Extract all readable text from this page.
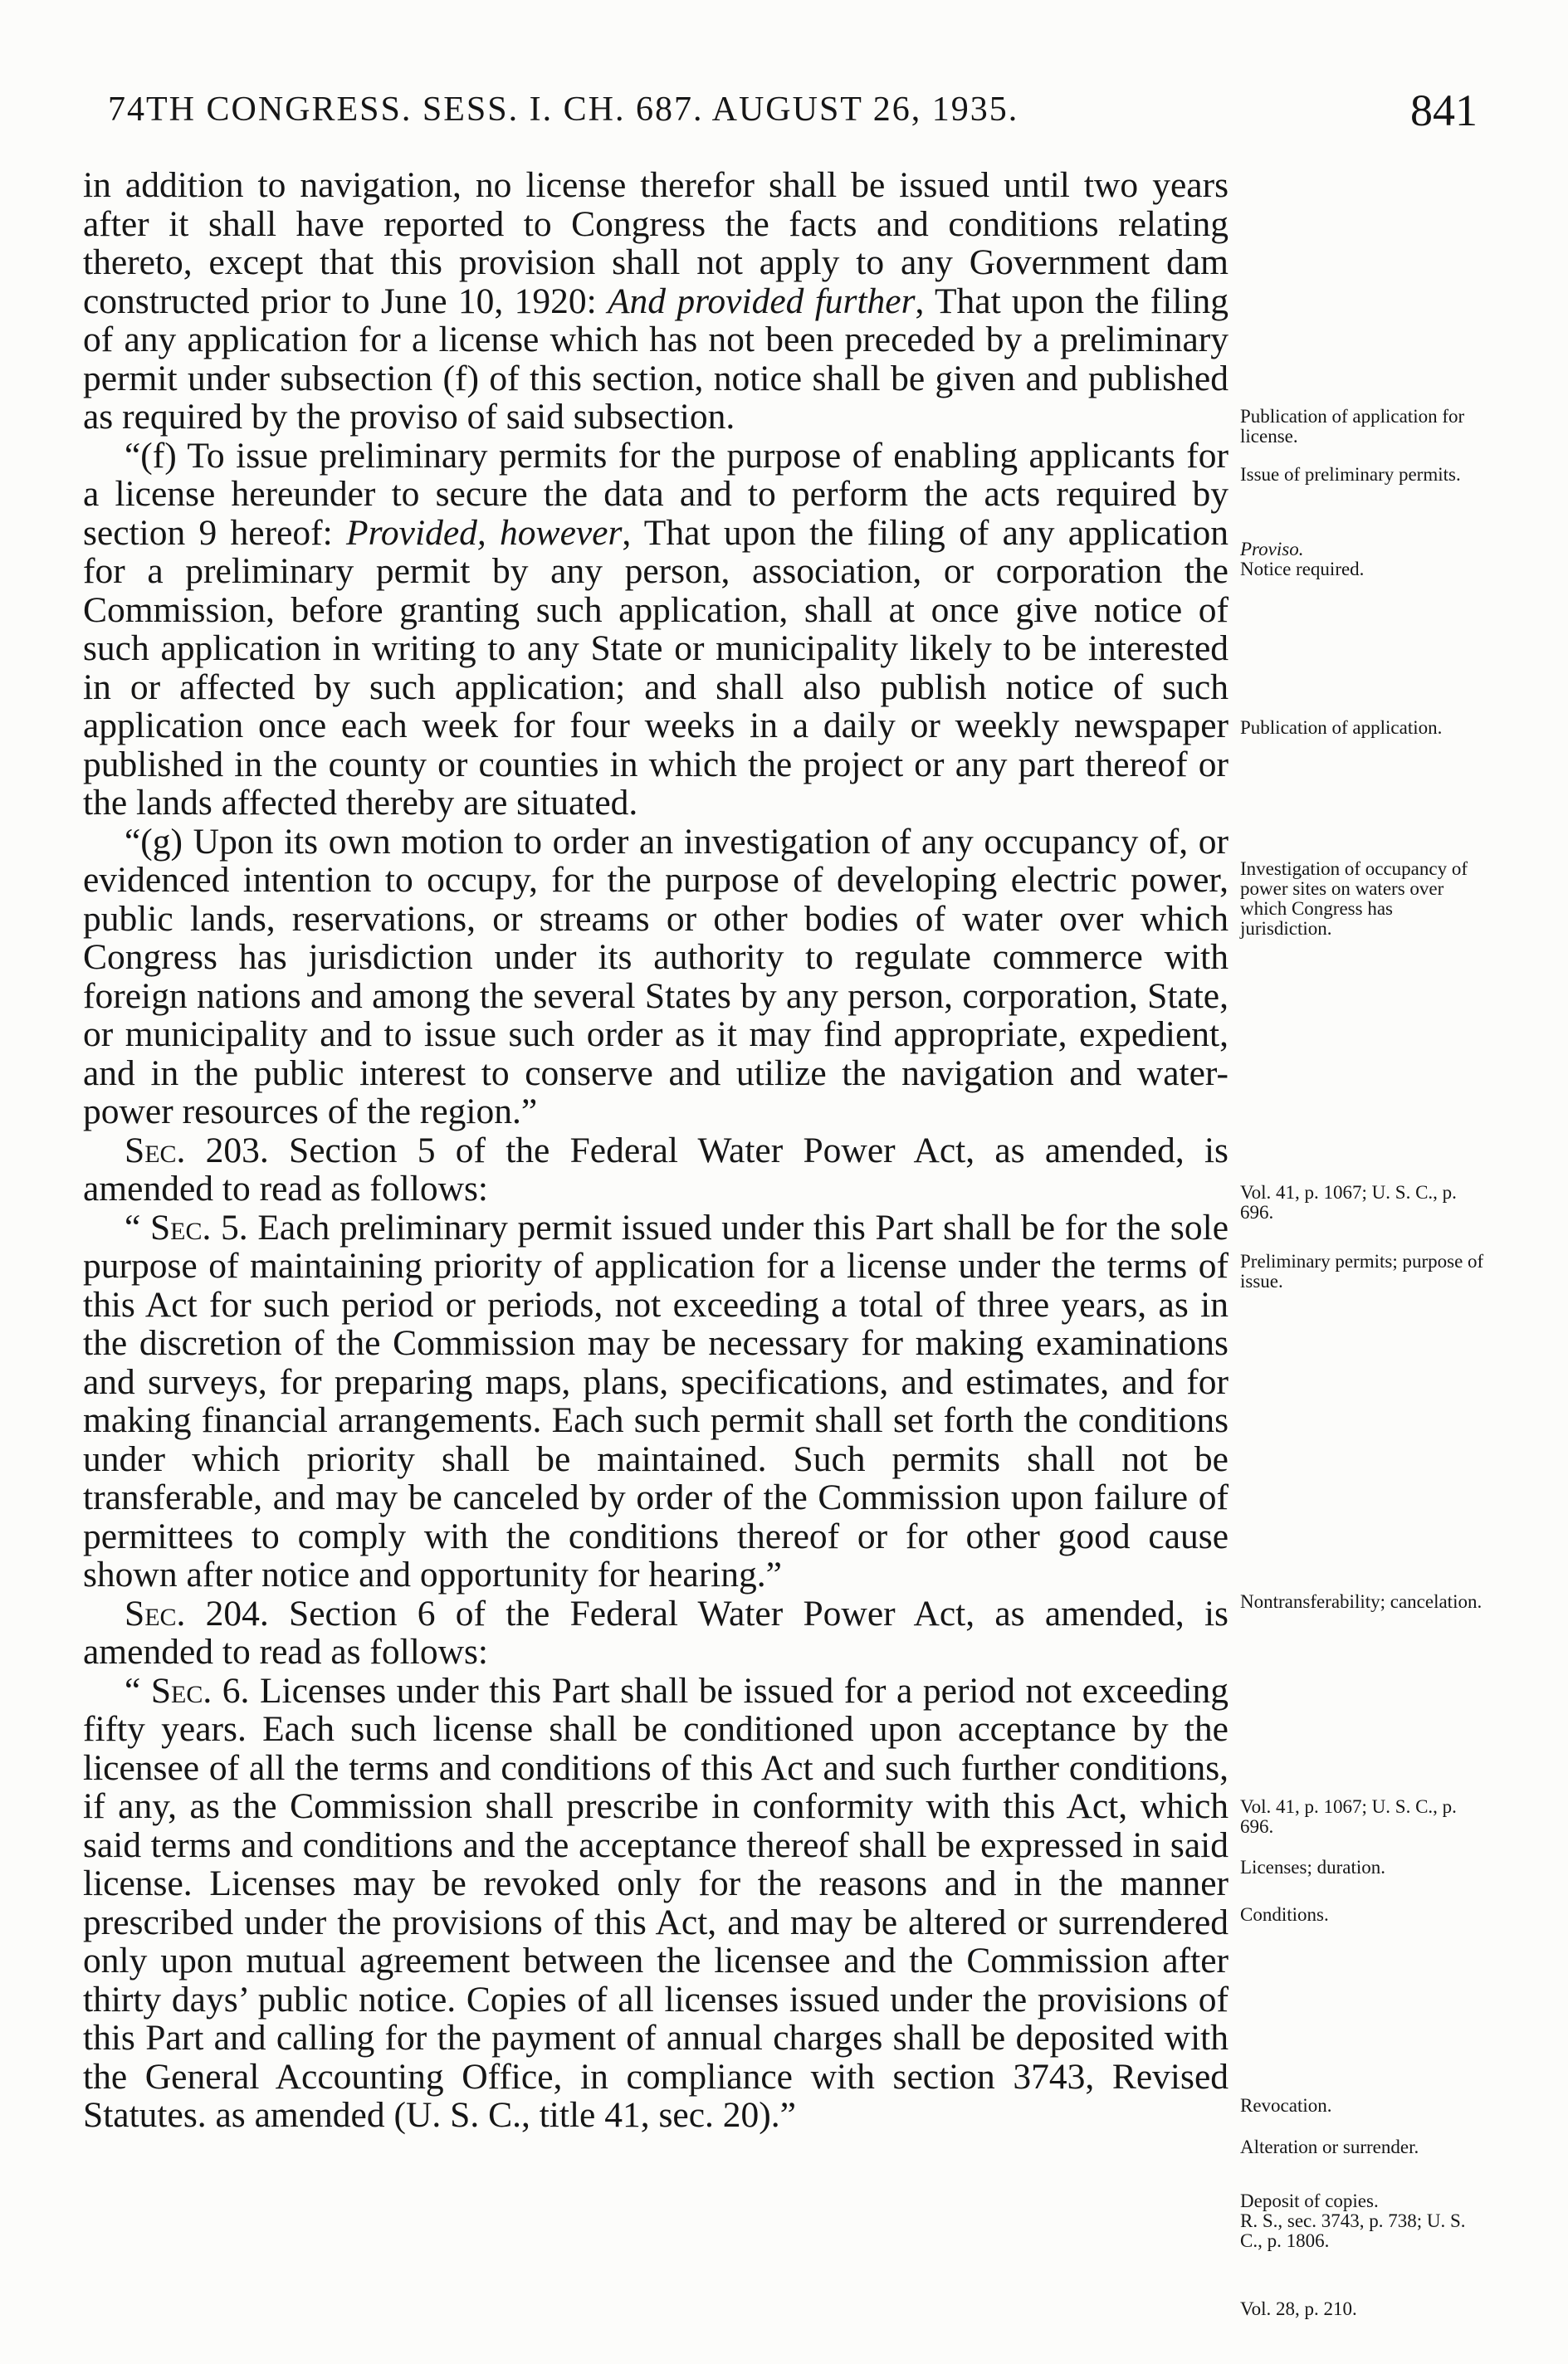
74TH CONGRESS. SESS. I. CH. 687. AUGUST 26, 1935.	841

in addition to navigation, no license therefor shall be issued until two years after it shall have reported to Congress the facts and conditions relating thereto, except that this provision shall not apply to any Government dam constructed prior to June 10, 1920: And provided further, That upon the filing of any application for a license which has not been preceded by a preliminary permit under subsection (f) of this section, notice shall be given and published as required by the proviso of said subsection.

“(f) To issue preliminary permits for the purpose of enabling applicants for a license hereunder to secure the data and to perform the acts required by section 9 hereof: Provided, however, That upon the filing of any application for a preliminary permit by any person, association, or corporation the Commission, before granting such application, shall at once give notice of such application in writing to any State or municipality likely to be interested in or affected by such application; and shall also publish notice of such application once each week for four weeks in a daily or weekly newspaper published in the county or counties in which the project or any part thereof or the lands affected thereby are situated.

“(g) Upon its own motion to order an investigation of any occupancy of, or evidenced intention to occupy, for the purpose of developing electric power, public lands, reservations, or streams or other bodies of water over which Congress has jurisdiction under its authority to regulate commerce with foreign nations and among the several States by any person, corporation, State, or municipality and to issue such order as it may find appropriate, expedient, and in the public interest to conserve and utilize the navigation and water-power resources of the region.”

Sec. 203. Section 5 of the Federal Water Power Act, as amended, is amended to read as follows:

“ Sec. 5. Each preliminary permit issued under this Part shall be for the sole purpose of maintaining priority of application for a license under the terms of this Act for such period or periods, not exceeding a total of three years, as in the discretion of the Commission may be necessary for making examinations and surveys, for preparing maps, plans, specifications, and estimates, and for making financial arrangements. Each such permit shall set forth the conditions under which priority shall be maintained. Such permits shall not be transferable, and may be canceled by order of the Commission upon failure of permittees to comply with the conditions thereof or for other good cause shown after notice and opportunity for hearing.”

Sec. 204. Section 6 of the Federal Water Power Act, as amended, is amended to read as follows:

“ Sec. 6. Licenses under this Part shall be issued for a period not exceeding fifty years. Each such license shall be conditioned upon acceptance by the licensee of all the terms and conditions of this Act and such further conditions, if any, as the Commission shall prescribe in conformity with this Act, which said terms and conditions and the acceptance thereof shall be expressed in said license. Licenses may be revoked only for the reasons and in the manner prescribed under the provisions of this Act, and may be altered or surrendered only upon mutual agreement between the licensee and the Commission after thirty days’ public notice. Copies of all licenses issued under the provisions of this Part and calling for the payment of annual charges shall be deposited with the General Accounting Office, in compliance with section 3743, Revised Statutes. as amended (U. S. C., title 41, sec. 20).”

Publication of application for license.
Issue of preliminary permits.
Proviso.
Notice required.
Publication of application.
Investigation of occupancy of power sites on waters over which Congress has jurisdiction.
Vol. 41, p. 1067; U. S. C., p. 696.
Preliminary permits; purpose of issue.
Nontransferability; cancelation.
Vol. 41, p. 1067; U. S. C., p. 696.
Licenses; duration.
Conditions.
Revocation.
Alteration or surrender.
Deposit of copies.
R. S., sec. 3743, p. 738; U. S. C., p. 1806.
Vol. 28, p. 210.
